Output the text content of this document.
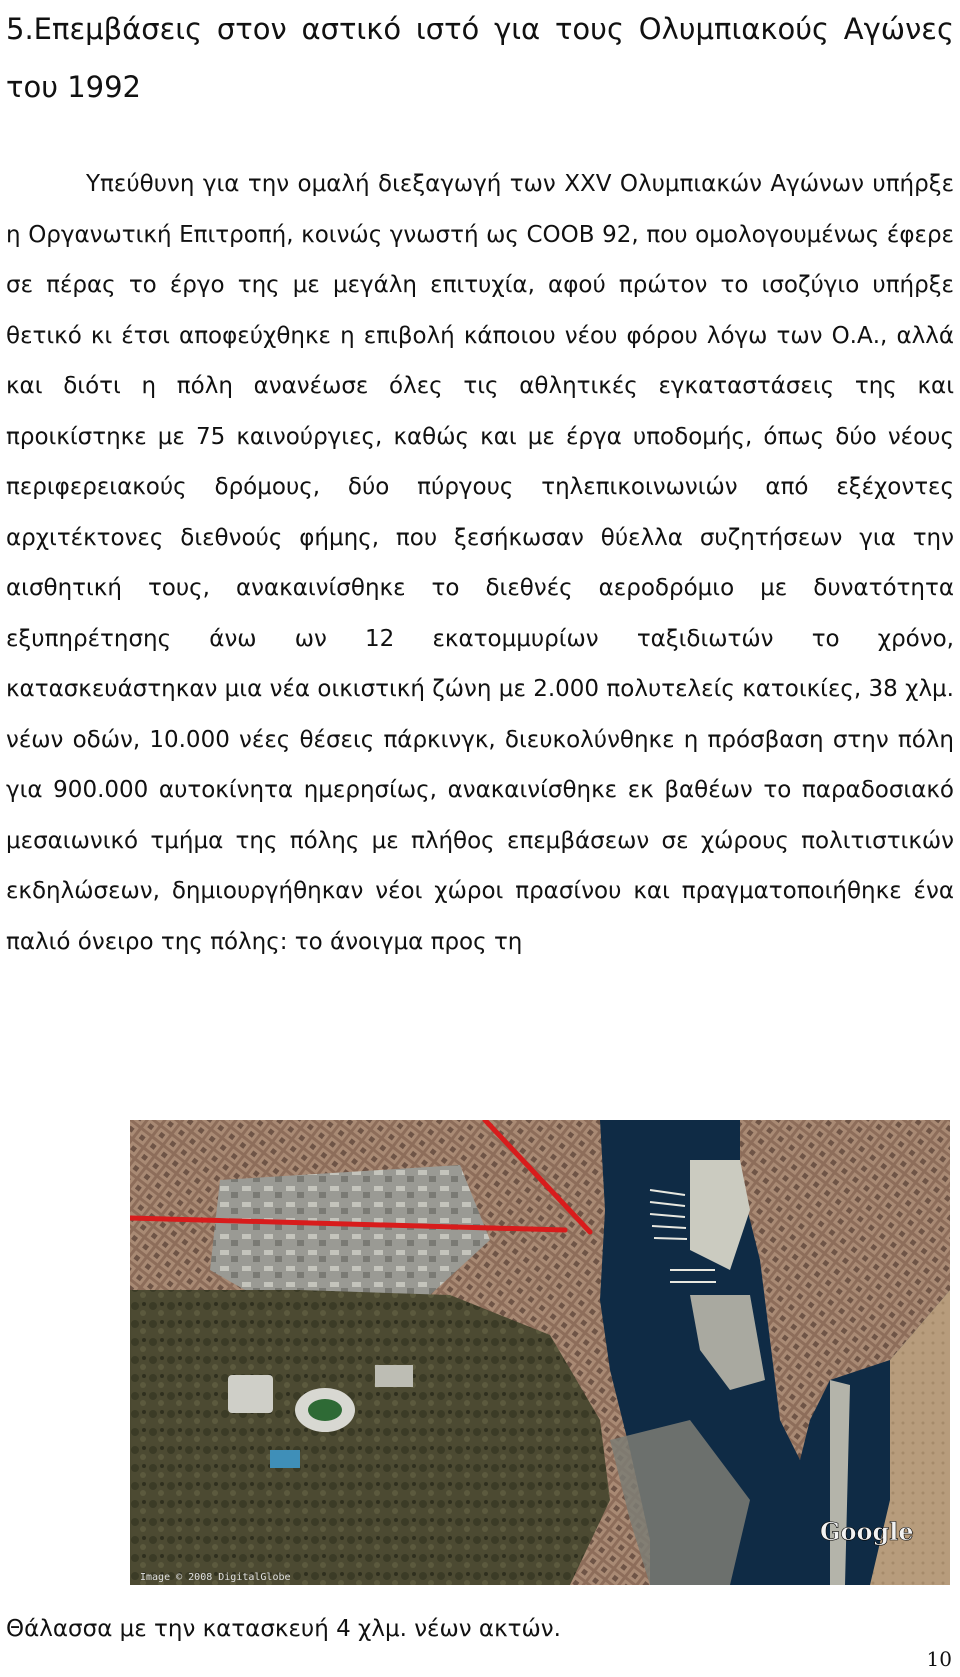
5.Επεμβάσεις στον αστικό ιστό για τους Ολυμπιακούς Αγώνες του 1992

Υπεύθυνη για την ομαλή διεξαγωγή των XXV Ολυμπιακών Αγώνων υπήρξε η Οργανωτική Επιτροπή, κοινώς γνωστή ως COOB 92, που ομολογουμένως έφερε σε πέρας το έργο της με μεγάλη επιτυχία, αφού πρώτον το ισοζύγιο υπήρξε θετικό κι έτσι αποφεύχθηκε η επιβολή κάποιου νέου φόρου λόγω των Ο.Α., αλλά και διότι η πόλη ανανέωσε όλες τις αθλητικές εγκαταστάσεις της και προικίστηκε με 75 καινούργιες, καθώς και με έργα υποδομής, όπως δύο νέους περιφερειακούς δρόμους, δύο πύργους τηλεπικοινωνιών από εξέχοντες αρχιτέκτονες διεθνούς φήμης, που ξεσήκωσαν θύελλα συζητήσεων για την αισθητική τους, ανακαινίσθηκε το διεθνές αεροδρόμιο με δυνατότητα εξυπηρέτησης άνω ων 12 εκατομμυρίων ταξιδιωτών το χρόνο, κατασκευάστηκαν μια νέα οικιστική ζώνη με 2.000 πολυτελείς κατοικίες, 38 χλμ. νέων οδών, 10.000 νέες θέσεις πάρκινγκ, διευκολύνθηκε η πρόσβαση στην πόλη για 900.000 αυτοκίνητα ημερησίως, ανακαινίσθηκε εκ βαθέων το παραδοσιακό μεσαιωνικό τμήμα της πόλης με πλήθος επεμβάσεων σε χώρους πολιτιστικών εκδηλώσεων, δημιουργήθηκαν νέοι χώροι πρασίνου και πραγματοποιήθηκε ένα παλιό όνειρο της πόλης: το άνοιγμα προς τη

Google
Image © 2008 DigitalGlobe

Θάλασσα με την κατασκευή 4 χλμ. νέων ακτών.

10
